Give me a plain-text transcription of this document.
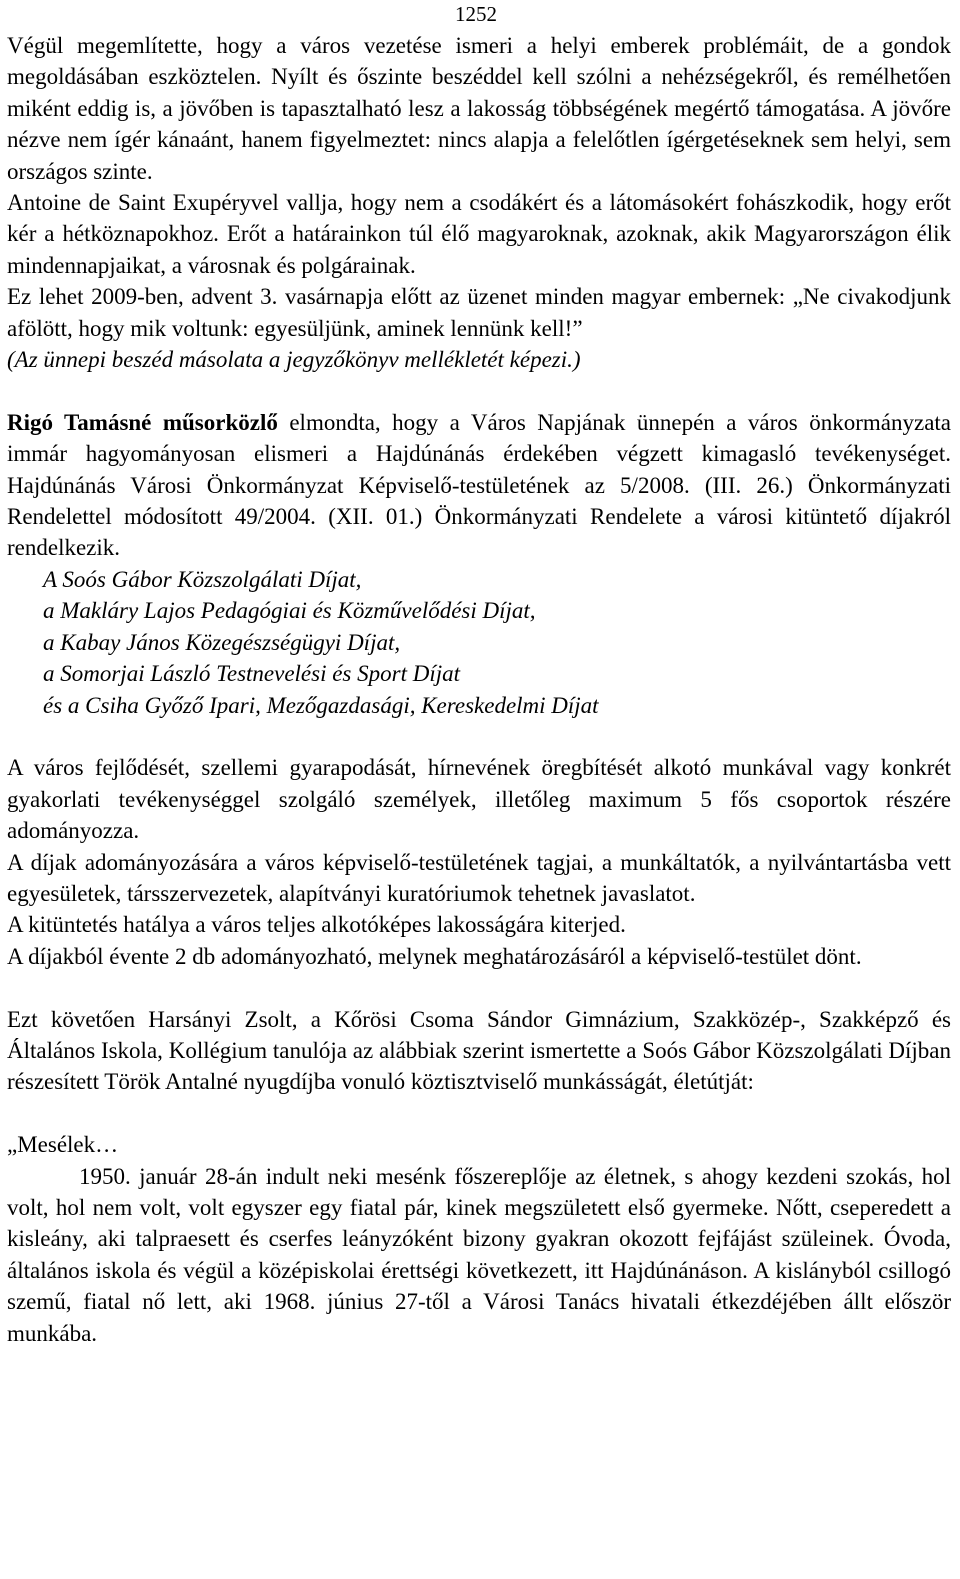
1252

Végül megemlítette, hogy a város vezetése ismeri a helyi emberek problémáit, de a gondok megoldásában eszköztelen. Nyílt és őszinte beszéddel kell szólni a nehézségekről, és remélhetően miként eddig is, a jövőben is tapasztalható lesz a lakosság többségének megértő támogatása. A jövőre nézve nem ígér kánaánt, hanem figyelmeztet: nincs alapja a felelőtlen ígérgetéseknek sem helyi, sem országos szinte.

Antoine de Saint Exupéryvel vallja, hogy nem a csodákért és a látomásokért fohászkodik, hogy erőt kér a hétköznapokhoz. Erőt a határainkon túl élő magyaroknak, azoknak, akik Magyarországon élik mindennapjaikat, a városnak és polgárainak.

Ez lehet 2009-ben, advent 3. vasárnapja előtt az üzenet minden magyar embernek: „Ne civakodjunk afölött, hogy mik voltunk: egyesüljünk, aminek lennünk kell!”

(Az ünnepi beszéd másolata a jegyzőkönyv mellékletét képezi.)

Rigó Tamásné műsorközlő elmondta, hogy a Város Napjának ünnepén a város önkormányzata immár hagyományosan elismeri a Hajdúnánás érdekében végzett kimagasló tevékenységet. Hajdúnánás Városi Önkormányzat Képviselő-testületének az 5/2008. (III. 26.) Önkormányzati Rendelettel módosított 49/2004. (XII. 01.) Önkormányzati Rendelete a városi kitüntető díjakról rendelkezik.

A Soós Gábor Közszolgálati Díjat,

a Makláry Lajos Pedagógiai és Közművelődési Díjat,

a Kabay János Közegészségügyi Díjat,

a Somorjai László Testnevelési és Sport Díjat

és a Csiha Győző Ipari, Mezőgazdasági, Kereskedelmi Díjat

A város fejlődését, szellemi gyarapodását, hírnevének öregbítését alkotó munkával vagy konkrét gyakorlati tevékenységgel szolgáló személyek, illetőleg maximum 5 fős csoportok részére adományozza.

A díjak adományozására a város képviselő-testületének tagjai, a munkáltatók, a nyilvántartásba vett egyesületek, társszervezetek, alapítványi kuratóriumok tehetnek javaslatot.

A kitüntetés hatálya a város teljes alkotóképes lakosságára kiterjed.

A díjakból évente 2 db adományozható, melynek meghatározásáról a képviselő-testület dönt.

Ezt követően Harsányi Zsolt, a Kőrösi Csoma Sándor Gimnázium, Szakközép-, Szakképző és Általános Iskola, Kollégium tanulója az alábbiak szerint ismertette a Soós Gábor Közszolgálati Díjban részesített Török Antalné nyugdíjba vonuló köztisztviselő munkásságát, életútját:

„Mesélek…

1950. január 28-án indult neki mesénk főszereplője az életnek, s ahogy kezdeni szokás, hol volt, hol nem volt, volt egyszer egy fiatal pár, kinek megszületett első gyermeke. Nőtt, cseperedett a kisleány, aki talpraesett és cserfes leányzóként bizony gyakran okozott fejfájást szüleinek. Óvoda, általános iskola és végül a középiskolai érettségi következett, itt Hajdúnánáson. A kislányból csillogó szemű, fiatal nő lett, aki 1968. június 27-től a Városi Tanács hivatali étkezdéjében állt először munkába.
